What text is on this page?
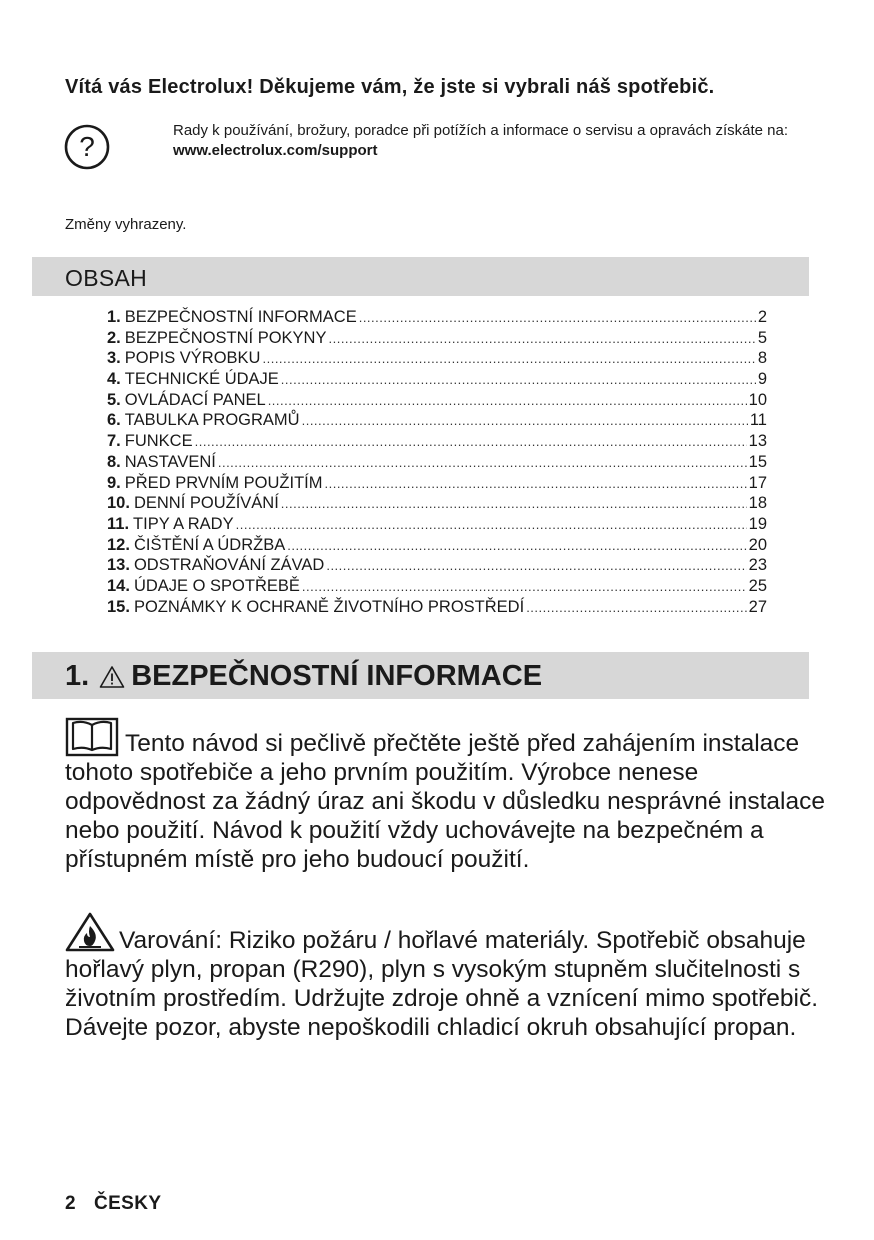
Vítá vás Electrolux! Děkujeme vám, že jste si vybrali náš spotřebič.
?
Rady k používání, brožury, poradce při potížích a informace o servisu a opravách získáte na:
www.electrolux.com/support
Změny vyhrazeny.
OBSAH
1. BEZPEČNOSTNÍ INFORMACE .....	2
2. BEZPEČNOSTNÍ POKYNY .....	5
3. POPIS VÝROBKU .....	8
4. TECHNICKÉ ÚDAJE .....	9
5. OVLÁDACÍ PANEL .....	10
6. TABULKA PROGRAMŮ .....	11
7. FUNKCE .....	13
8. NASTAVENÍ .....	15
9. PŘED PRVNÍM POUŽITÍM .....	17
10. DENNÍ POUŽÍVÁNÍ .....	18
11. TIPY A RADY .....	19
12. ČIŠTĚNÍ A ÚDRŽBA .....	20
13. ODSTRAŇOVÁNÍ ZÁVAD .....	23
14. ÚDAJE O SPOTŘEBĚ .....	25
15. POZNÁMKY K OCHRANĚ ŽIVOTNÍHO PROSTŘEDÍ .....	27
1. BEZPEČNOSTNÍ INFORMACE
Tento návod si pečlivě přečtěte ještě před zahájením instalace tohoto spotřebiče a jeho prvním použitím. Výrobce nenese odpovědnost za žádný úraz ani škodu v důsledku nesprávné instalace nebo použití. Návod k použití vždy uchovávejte na bezpečném a přístupném místě pro jeho budoucí použití.
Varování: Riziko požáru / hořlavé materiály. Spotřebič obsahuje hořlavý plyn, propan (R290), plyn s vysokým stupněm slučitelnosti s životním prostředím. Udržujte zdroje ohně a vznícení mimo spotřebič. Dávejte pozor, abyste nepoškodili chladicí okruh obsahující propan.
2 ČESKY
